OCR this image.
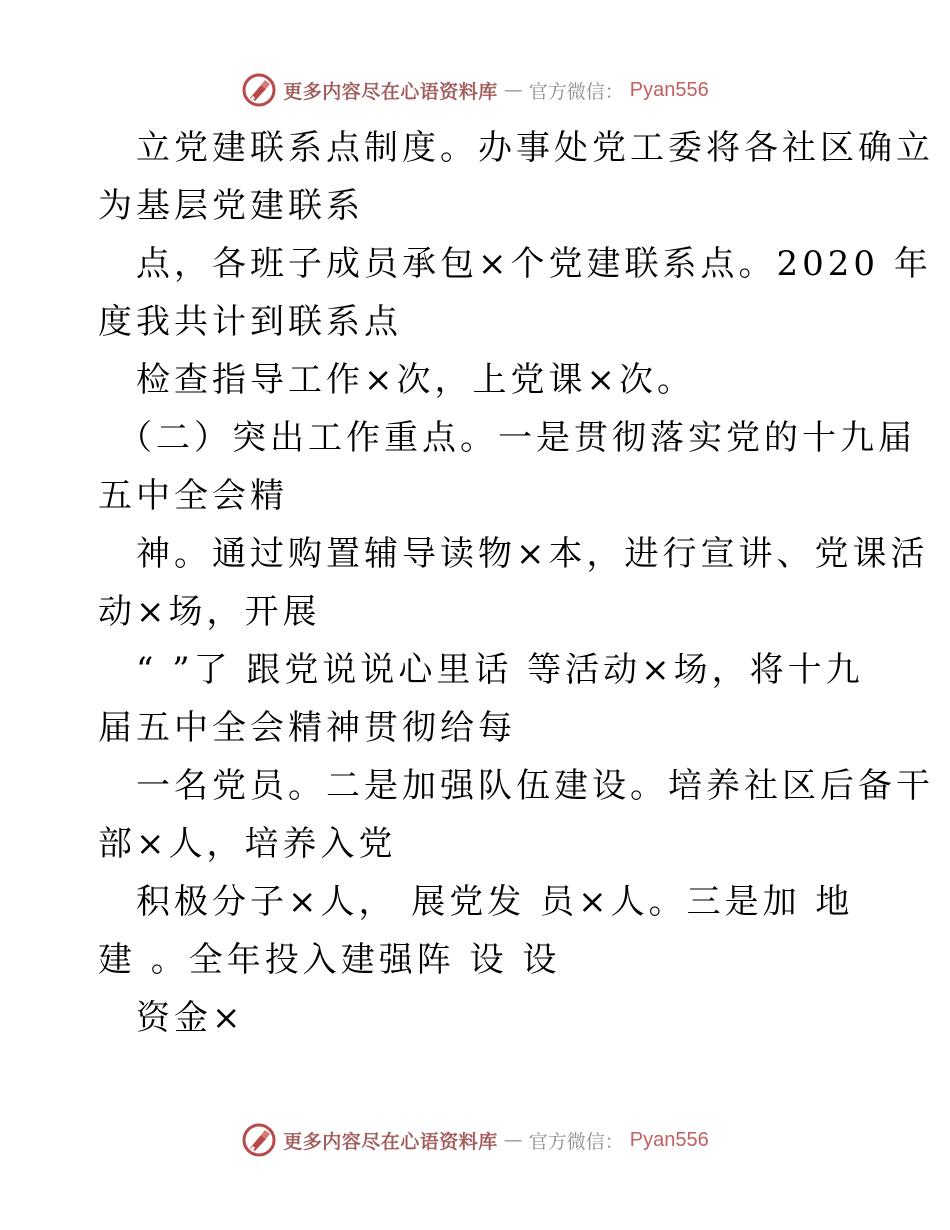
更多内容尽在心语资料库 — 官方微信： Pyan556
立党建联系点制度。办事处党工委将各社区确立
为基层党建联系
点，各班子成员承包×个党建联系点。2020 年
度我共计到联系点
检查指导工作×次，上党课×次。
（二）突出工作重点。一是贯彻落实党的十九届
五中全会精
神。通过购置辅导读物×本，进行宣讲、党课活
动×场，开展
“ ”了 跟党说说心里话 等活动×场，将十九
届五中全会精神贯彻给每
一名党员。二是加强队伍建设。培养社区后备干
部×人，培养入党
积极分子×人， 展党发 员×人。三是加 地
建 。全年投入建强阵 设 设
资金×
更多内容尽在心语资料库 — 官方微信： Pyan556
